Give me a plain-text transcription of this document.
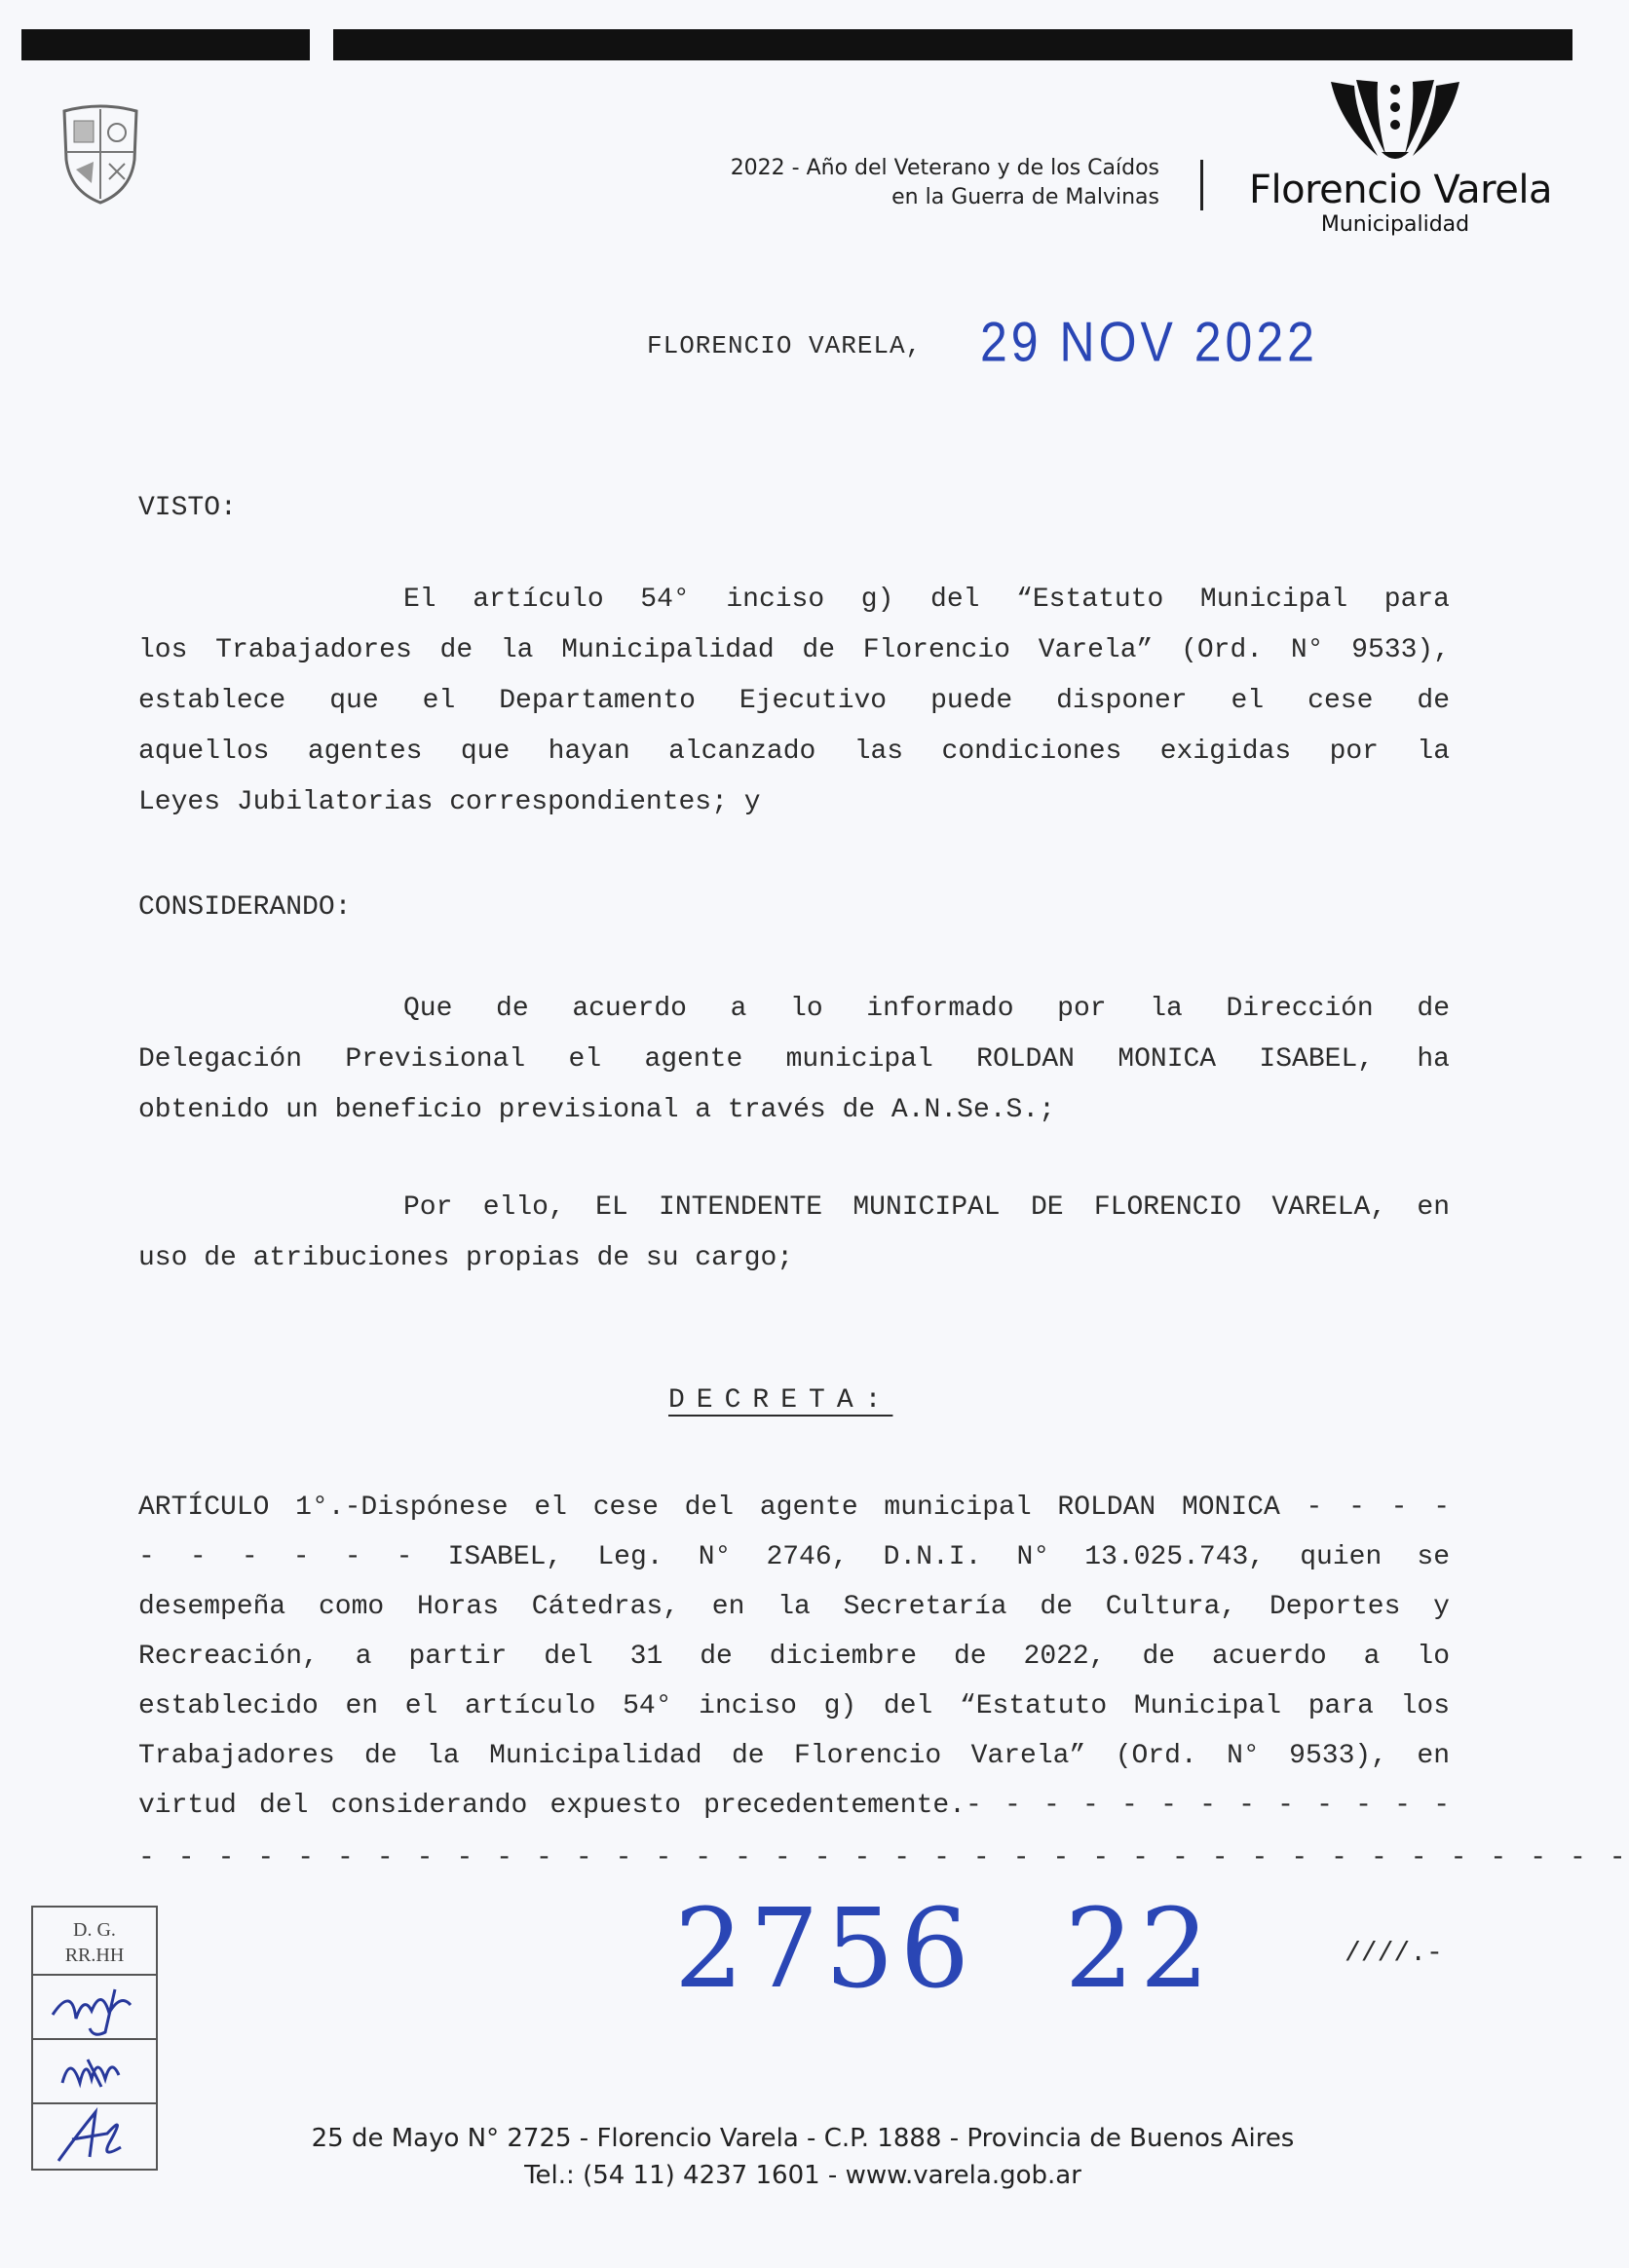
2022 - Año del Veterano y de los Caídos
en la Guerra de Malvinas Florencio Varela
Municipalidad
FLORENCIO VARELA, 29 NOV 2022
VISTO:
El artículo 54° inciso g) del “Estatuto Municipal para
los Trabajadores de la Municipalidad de Florencio Varela” (Ord. N° 9533),
establece que el Departamento Ejecutivo puede disponer el cese de
aquellos agentes que hayan alcanzado las condiciones exigidas por la
Leyes Jubilatorias correspondientes; y
CONSIDERANDO:
Que de acuerdo a lo informado por la Dirección de
Delegación Previsional el agente municipal ROLDAN MONICA ISABEL, ha
obtenido un beneficio previsional a través de A.N.Se.S.;
Por ello, EL INTENDENTE MUNICIPAL DE FLORENCIO VARELA, en
uso de atribuciones propias de su cargo;
DECRETA:
ARTÍCULO 1°.-Dispónese el cese del agente municipal ROLDAN MONICA - - - -
- - - - - - ISABEL, Leg. N° 2746, D.N.I. N° 13.025.743, quien se
desempeña como Horas Cátedras, en la Secretaría de Cultura, Deportes y
Recreación, a partir del 31 de diciembre de 2022, de acuerdo a lo
establecido en el artículo 54° inciso g) del “Estatuto Municipal para los
Trabajadores de la Municipalidad de Florencio Varela” (Ord. N° 9533), en
virtud del considerando expuesto precedentemente.- - - - - - - - - - - - -
- - - - - - - - - - - - - - - - - - - - - - - - - - - - - - - - - - - - - -
2756 22	////.-
D. G.
RR.HH
25 de Mayo N° 2725 - Florencio Varela - C.P. 1888 - Provincia de Buenos Aires
Tel.: (54 11) 4237 1601 - www.varela.gob.ar
